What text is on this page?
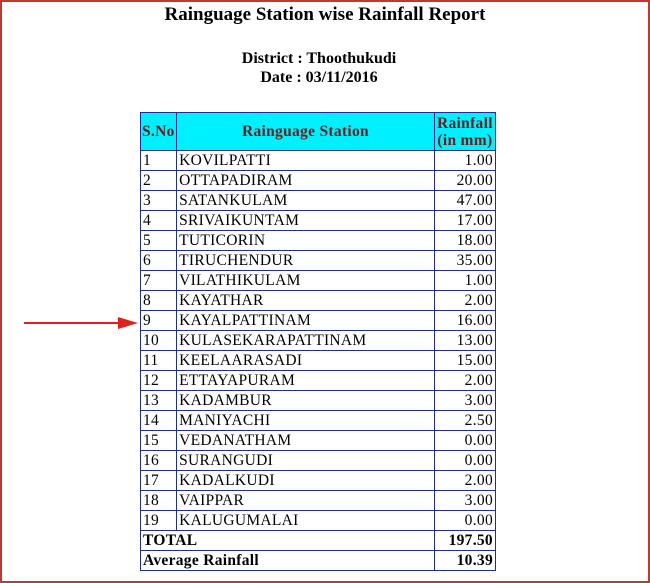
Rainguage Station wise Rainfall Report
District : Thoothukudi
Date : 03/11/2016
S.No	Rainguage Station	Rainfall
(in mm)
1	KOVILPATTI	1.00
2	OTTAPADIRAM	20.00
3	SATANKULAM	47.00
4	SRIVAIKUNTAM	17.00
5	TUTICORIN	18.00
6	TIRUCHENDUR	35.00
7	VILATHIKULAM	1.00
8	KAYATHAR	2.00
9	KAYALPATTINAM	16.00
10	KULASEKARAPATTINAM	13.00
11	KEELAARASADI	15.00
12	ETTAYAPURAM	2.00
13	KADAMBUR	3.00
14	MANIYACHI	2.50
15	VEDANATHAM	0.00
16	SURANGUDI	0.00
17	KADALKUDI	2.00
18	VAIPPAR	3.00
19	KALUGUMALAI	0.00
TOTAL		197.50
Average Rainfall		10.39
